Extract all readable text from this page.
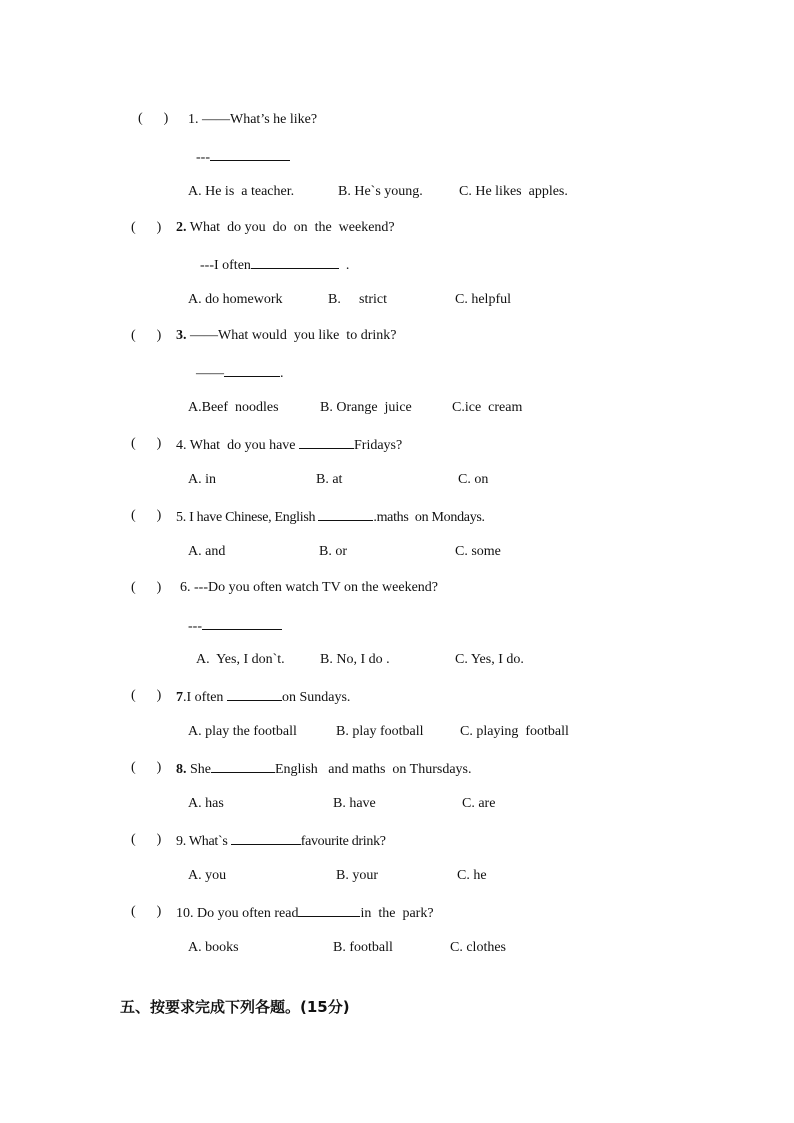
(      ) 1. ——What’s he like?
---
A. He is  a teacher.	B. He`s young.	C. He likes  apples.
(      ) 2. What  do you  do  on  the  weekend?
---I often	.
A. do homework	B. strict	C. helpful
(      ) 3. ——What would  you like  to drink?
——	.
A.Beef  noodles	B. Orange  juice	C.ice  cream
(      ) 4. What  do you have	Fridays?
A. in	B. at	C. on
(      ) 5. I have Chinese, English	.maths  on Mondays.
A. and	B. or	C. some
(      ) 6. ---Do you often watch TV on the weekend?
---
A.  Yes, I don`t.	B. No, I do .	C. Yes, I do.
(      ) 7.I often	on Sundays.
A. play the football	B. play football	C. playing  football
(      ) 8. She	English   and maths  on Thursdays.
A. has	B. have	C. are
(      ) 9. What`s	favourite drink?
A. you	B. your	C. he
(      ) 10. Do you often read	in  the  park?
A. books	B. football	C. clothes
五、按要求完成下列各题。(15分)
